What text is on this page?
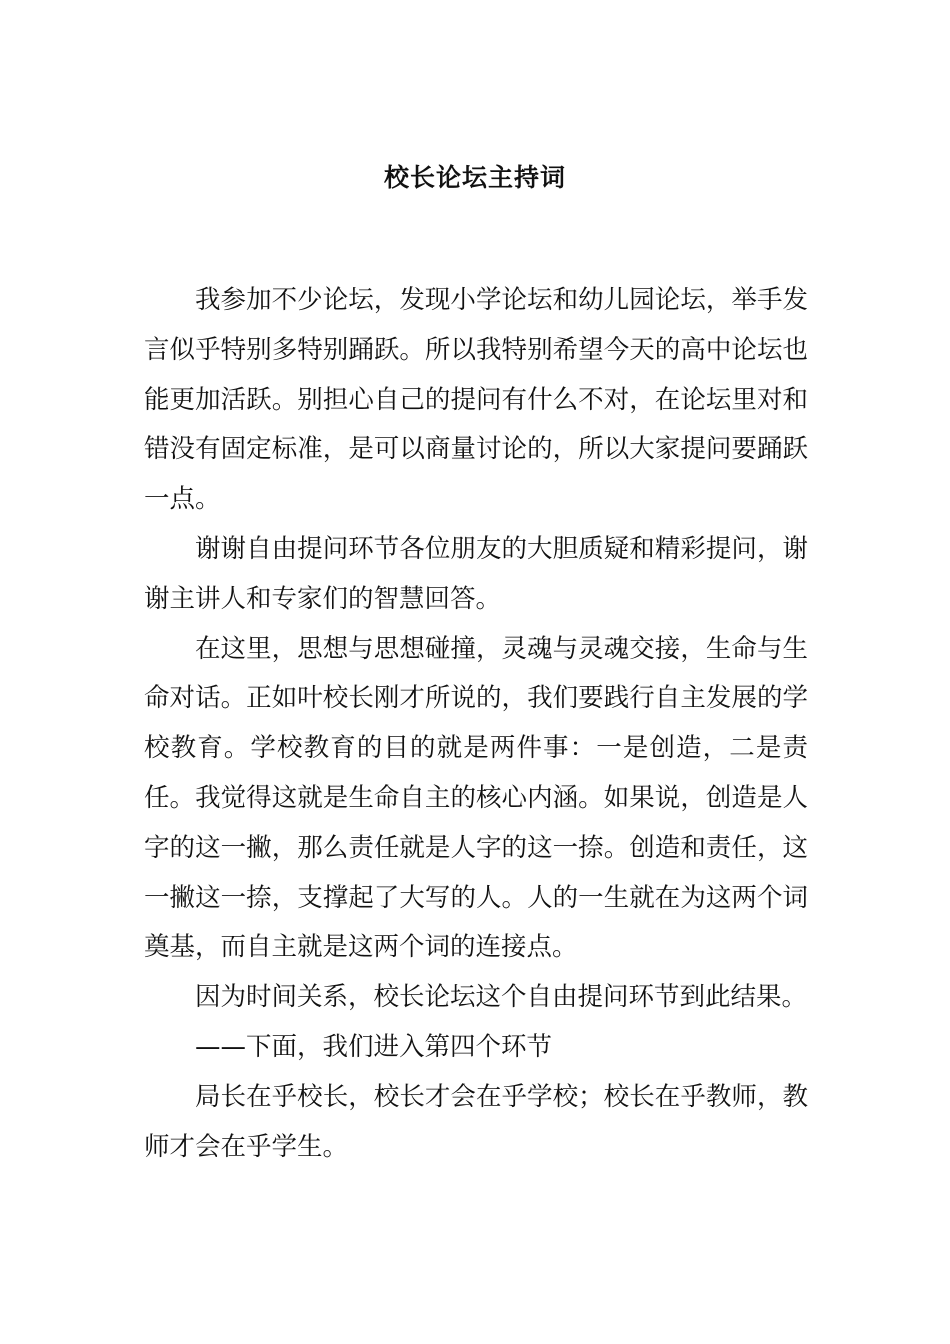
校长论坛主持词

我参加不少论坛，发现小学论坛和幼儿园论坛，举手发言似乎特别多特别踊跃。所以我特别希望今天的高中论坛也能更加活跃。别担心自己的提问有什么不对，在论坛里对和错没有固定标准，是可以商量讨论的，所以大家提问要踊跃一点。

谢谢自由提问环节各位朋友的大胆质疑和精彩提问，谢谢主讲人和专家们的智慧回答。

在这里，思想与思想碰撞，灵魂与灵魂交接，生命与生命对话。正如叶校长刚才所说的，我们要践行自主发展的学校教育。学校教育的目的就是两件事：一是创造，二是责任。我觉得这就是生命自主的核心内涵。如果说，创造是人字的这一撇，那么责任就是人字的这一捺。创造和责任，这一撇这一捺，支撑起了大写的人。人的一生就在为这两个词奠基，而自主就是这两个词的连接点。

因为时间关系，校长论坛这个自由提问环节到此结果。

——下面，我们进入第四个环节

局长在乎校长，校长才会在乎学校；校长在乎教师，教师才会在乎学生。
